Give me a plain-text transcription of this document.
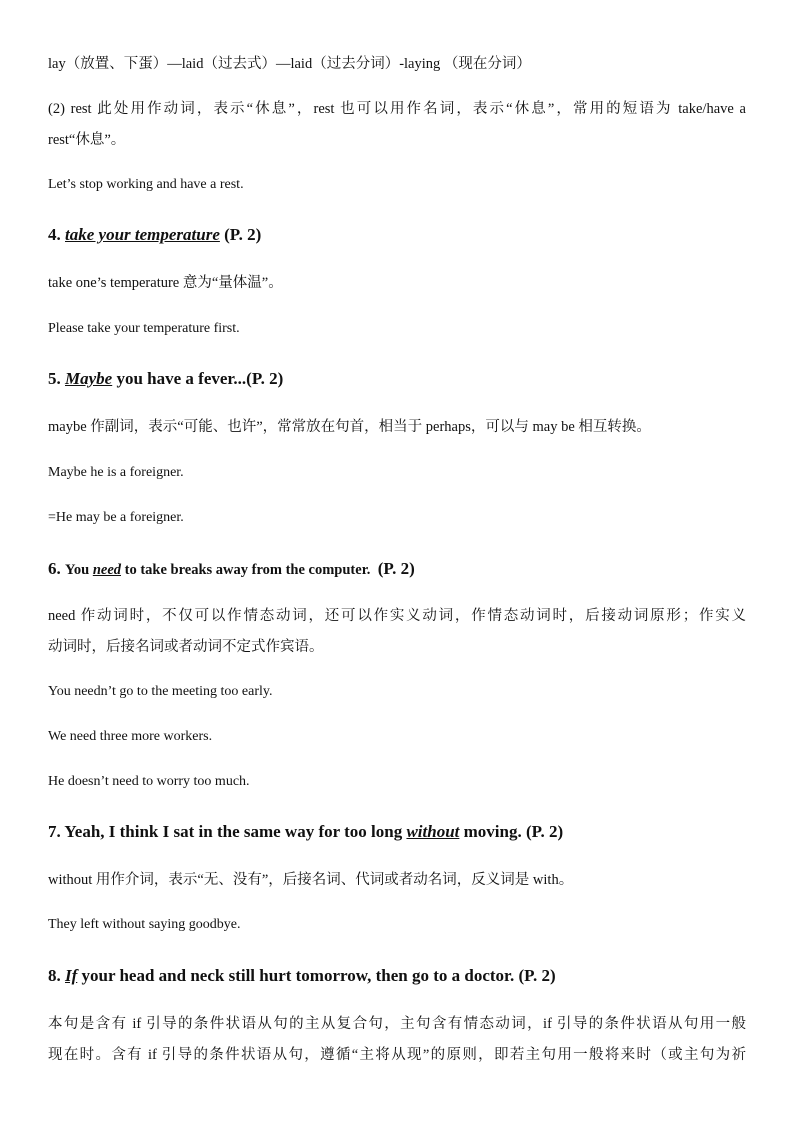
lay（放置、下蛋）—laid（过去式）—laid（过去分词）-laying （现在分词）
(2) rest 此处用作动词，表示“休息”，rest 也可以用作名词，表示“休息”，常用的短语为 take/have a
rest“休息”。
Let’s stop working and have a rest.
4. take your temperature (P. 2)
take one’s temperature 意为“量体温”。
Please take your temperature first.
5. Maybe you have a fever...(P. 2)
maybe 作副词，表示“可能、也许”，常常放在句首，相当于 perhaps，可以与 may be 相互转换。
Maybe he is a foreigner.
=He may be a foreigner.
6. You need to take breaks away from the computer. (P. 2)
need 作动词时，不仅可以作情态动词，还可以作实义动词，作情态动词时，后接动词原形；作实义
动词时，后接名词或者动词不定式作宾语。
You needn’t go to the meeting too early.
We need three more workers.
He doesn’t need to worry too much.
7. Yeah, I think I sat in the same way for too long without moving. (P. 2)
without 用作介词，表示“无、没有”，后接名词、代词或者动名词，反义词是 with。
They left without saying goodbye.
8. If your head and neck still hurt tomorrow, then go to a doctor. (P. 2)
本句是含有 if 引导的条件状语从句的主从复合句，主句含有情态动词，if 引导的条件状语从句用一般
现在时。含有 if 引导的条件状语从句，遵循“主将从现”的原则，即若主句用一般将来时（或主句为祈
